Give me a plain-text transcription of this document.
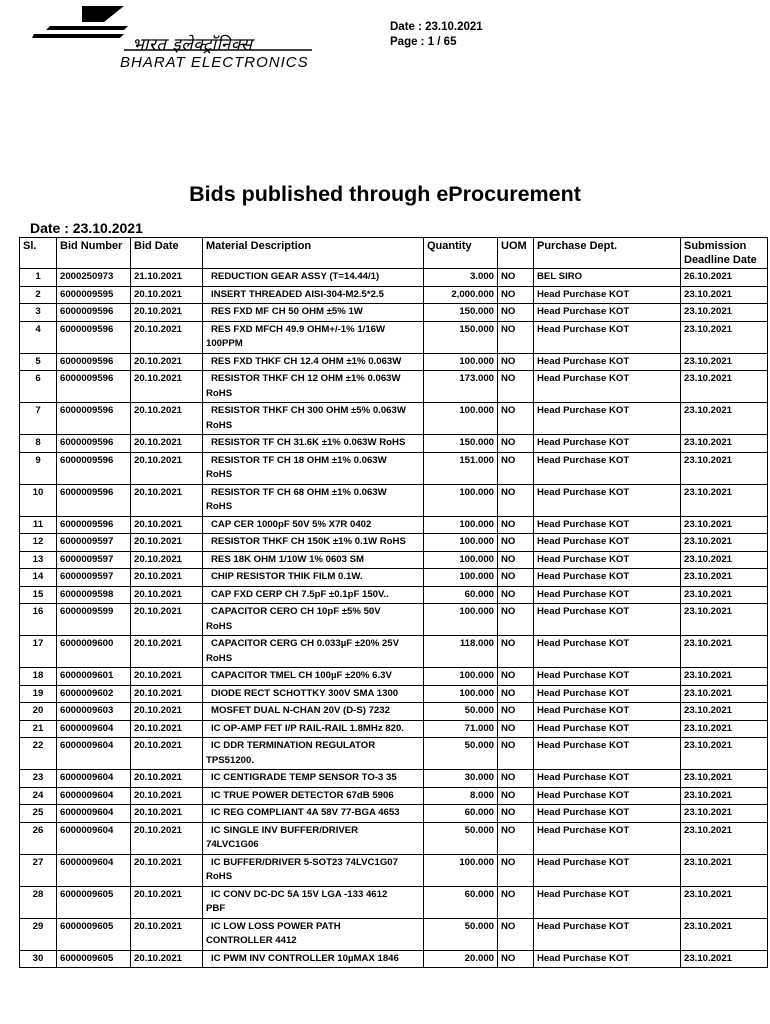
भारत इलेक्ट्रॉनिक्स
BHARAT ELECTRONICS
Date : 23.10.2021
Page : 1 / 65
Bids published through eProcurement
Date : 23.10.2021
Sl.	Bid Number	Bid Date	Material Description	Quantity	UOM	Purchase Dept.	Submission Deadline Date
1	2000250973	21.10.2021	REDUCTION GEAR ASSY (T=14.44/1)	3.000	NO	BEL SIRO	26.10.2021
2	6000009595	20.10.2021	INSERT THREADED AISI-304-M2.5*2.5	2,000.000	NO	Head Purchase KOT	23.10.2021
3	6000009596	20.10.2021	RES FXD MF CH 50 OHM ±5% 1W	150.000	NO	Head Purchase KOT	23.10.2021
4	6000009596	20.10.2021	RES FXD MFCH 49.9 OHM+/-1% 1/16W
100PPM	150.000	NO	Head Purchase KOT	23.10.2021
5	6000009596	20.10.2021	RES FXD THKF CH 12.4 OHM ±1% 0.063W	100.000	NO	Head Purchase KOT	23.10.2021
6	6000009596	20.10.2021	RESISTOR THKF CH 12 OHM ±1% 0.063W
RoHS	173.000	NO	Head Purchase KOT	23.10.2021
7	6000009596	20.10.2021	RESISTOR THKF CH 300 OHM ±5% 0.063W
RoHS	100.000	NO	Head Purchase KOT	23.10.2021
8	6000009596	20.10.2021	RESISTOR TF CH 31.6K ±1% 0.063W RoHS	150.000	NO	Head Purchase KOT	23.10.2021
9	6000009596	20.10.2021	RESISTOR TF CH 18 OHM ±1% 0.063W
RoHS	151.000	NO	Head Purchase KOT	23.10.2021
10	6000009596	20.10.2021	RESISTOR TF CH 68 OHM ±1% 0.063W
RoHS	100.000	NO	Head Purchase KOT	23.10.2021
11	6000009596	20.10.2021	CAP CER 1000pF 50V 5% X7R 0402	100.000	NO	Head Purchase KOT	23.10.2021
12	6000009597	20.10.2021	RESISTOR THKF CH 150K ±1% 0.1W RoHS	100.000	NO	Head Purchase KOT	23.10.2021
13	6000009597	20.10.2021	RES 18K OHM 1/10W 1% 0603 SM	100.000	NO	Head Purchase KOT	23.10.2021
14	6000009597	20.10.2021	CHIP RESISTOR THIK FILM 0.1W.	100.000	NO	Head Purchase KOT	23.10.2021
15	6000009598	20.10.2021	CAP FXD CERP CH 7.5pF ±0.1pF 150V..	60.000	NO	Head Purchase KOT	23.10.2021
16	6000009599	20.10.2021	CAPACITOR CERO CH 10pF ±5% 50V
RoHS	100.000	NO	Head Purchase KOT	23.10.2021
17	6000009600	20.10.2021	CAPACITOR CERG CH 0.033µF ±20% 25V
RoHS	118.000	NO	Head Purchase KOT	23.10.2021
18	6000009601	20.10.2021	CAPACITOR TMEL CH 100µF ±20% 6.3V	100.000	NO	Head Purchase KOT	23.10.2021
19	6000009602	20.10.2021	DIODE RECT SCHOTTKY 300V SMA 1300	100.000	NO	Head Purchase KOT	23.10.2021
20	6000009603	20.10.2021	MOSFET DUAL N-CHAN 20V (D-S) 7232	50.000	NO	Head Purchase KOT	23.10.2021
21	6000009604	20.10.2021	IC OP-AMP FET I/P RAIL-RAIL 1.8MHz 820.	71.000	NO	Head Purchase KOT	23.10.2021
22	6000009604	20.10.2021	IC DDR TERMINATION REGULATOR
TPS51200.	50.000	NO	Head Purchase KOT	23.10.2021
23	6000009604	20.10.2021	IC CENTIGRADE TEMP SENSOR TO-3 35	30.000	NO	Head Purchase KOT	23.10.2021
24	6000009604	20.10.2021	IC TRUE POWER DETECTOR 67dB 5906	8.000	NO	Head Purchase KOT	23.10.2021
25	6000009604	20.10.2021	IC REG COMPLIANT 4A 58V 77-BGA 4653	60.000	NO	Head Purchase KOT	23.10.2021
26	6000009604	20.10.2021	IC SINGLE INV BUFFER/DRIVER
74LVC1G06	50.000	NO	Head Purchase KOT	23.10.2021
27	6000009604	20.10.2021	IC BUFFER/DRIVER 5-SOT23 74LVC1G07
RoHS	100.000	NO	Head Purchase KOT	23.10.2021
28	6000009605	20.10.2021	IC CONV DC-DC 5A 15V LGA -133 4612
PBF	60.000	NO	Head Purchase KOT	23.10.2021
29	6000009605	20.10.2021	IC LOW LOSS POWER PATH
CONTROLLER 4412	50.000	NO	Head Purchase KOT	23.10.2021
30	6000009605	20.10.2021	IC PWM INV CONTROLLER 10µMAX 1846	20.000	NO	Head Purchase KOT	23.10.2021
